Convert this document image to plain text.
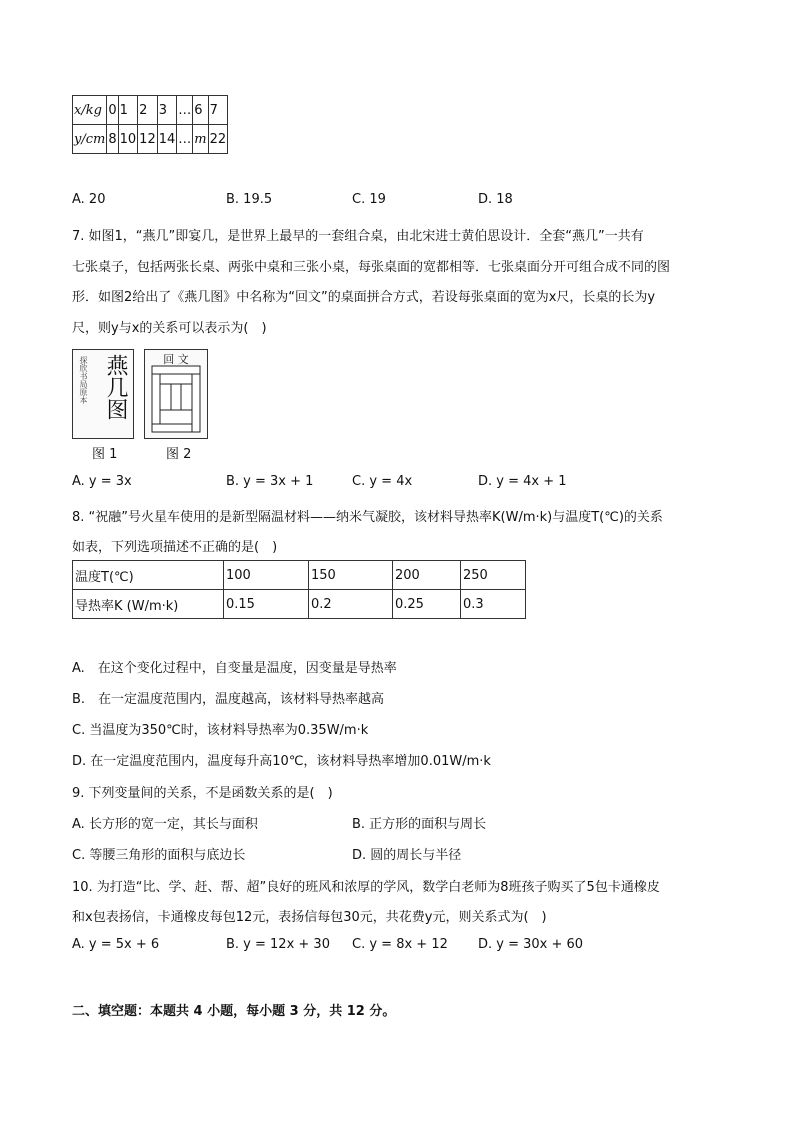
x/kg	0	1	2	3	…	6	7
y/cm	8	10	12	14	…	m	22
A. 20	B. 19.5	C. 19	D. 18
7. 如图1，“燕几”即宴几，是世界上最早的一套组合桌，由北宋进士黄伯思设计．全套“燕几”一共有
七张桌子，包括两张长桌、两张中桌和三张小桌，每张桌面的宽都相等．七张桌面分开可组合成不同的图
形．如图2给出了《燕几图》中名称为“回文”的桌面拼合方式，若设每张桌面的宽为x尺，长桌的长为y
尺，则y与x的关系可以表示为(　)
探欣书局原本 燕几图
图 1
回 文
图 2
A. y = 3x	B. y = 3x + 1	C. y = 4x	D. y = 4x + 1
8. “祝融”号火星车使用的是新型隔温材料——纳米气凝胶，该材料导热率K(W/m·k)与温度T(℃)的关系
如表，下列选项描述不正确的是(　)
温度T(℃)	100	150	200	250
导热率K (W/m·k)	0.15	0.2	0.25	0.3
A.　在这个变化过程中，自变量是温度，因变量是导热率
B.　在一定温度范围内，温度越高，该材料导热率越高
C. 当温度为350℃时，该材料导热率为0.35W/m·k
D. 在一定温度范围内，温度每升高10℃，该材料导热率增加0.01W/m·k
9. 下列变量间的关系，不是函数关系的是(　)
A. 长方形的宽一定，其长与面积	B. 正方形的面积与周长
C. 等腰三角形的面积与底边长	D. 圆的周长与半径
10. 为打造“比、学、赶、帮、超”良好的班风和浓厚的学风，数学白老师为8班孩子购买了5包卡通橡皮
和x包表扬信，卡通橡皮每包12元，表扬信每包30元，共花费y元，则关系式为(　)
A. y = 5x + 6	B. y = 12x + 30 C. y = 8x + 12 D. y = 30x + 60
二、填空题：本题共 4 小题，每小题 3 分，共 12 分。
